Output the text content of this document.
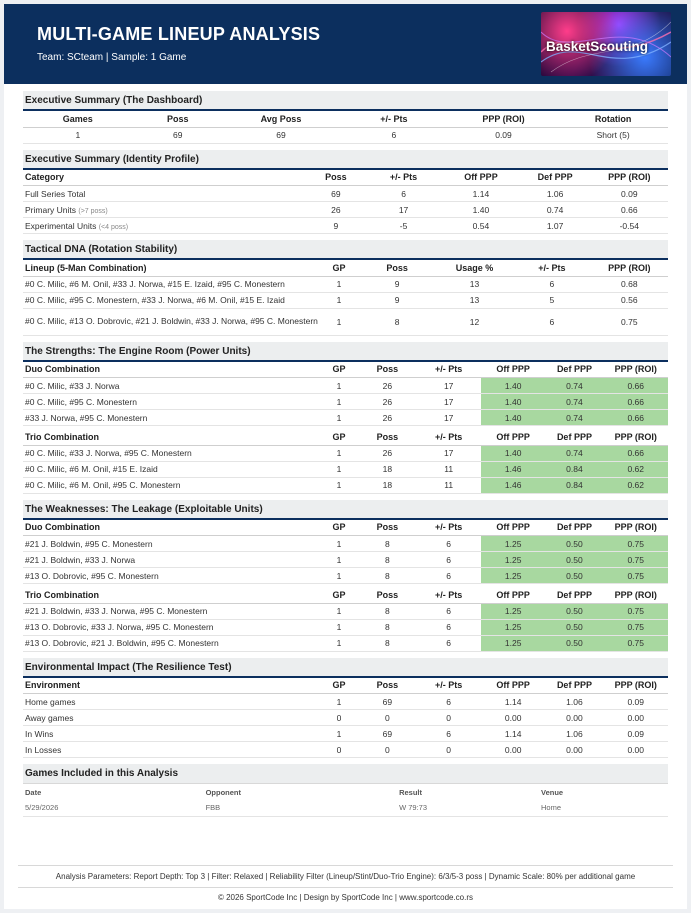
MULTI-GAME LINEUP ANALYSIS
Team: SCteam | Sample: 1 Game
BasketScouting
Executive Summary (The Dashboard)
Games	Poss	Avg Poss	+/- Pts	PPP (ROI)	Rotation
1	69	69	6	0.09	Short (5)
Executive Summary (Identity Profile)
Category	Poss	+/- Pts	Off PPP	Def PPP	PPP (ROI)
Full Series Total	69	6	1.14	1.06	0.09
Primary Units (>7 poss)	26	17	1.40	0.74	0.66
Experimental Units (<4 poss)	9	-5	0.54	1.07	-0.54
Tactical DNA (Rotation Stability)
Lineup (5-Man Combination)	GP	Poss	Usage %	+/- Pts	PPP (ROI)
#0 C. Milic, #6 M. Onil, #33 J. Norwa, #15 E. Izaid, #95 C. Monestern	1	9	13	6	0.68
#0 C. Milic, #95 C. Monestern, #33 J. Norwa, #6 M. Onil, #15 E. Izaid	1	9	13	5	0.56
#0 C. Milic, #13 O. Dobrovic, #21 J. Boldwin, #33 J. Norwa, #95 C. Monestern	1	8	12	6	0.75
The Strengths: The Engine Room (Power Units)
Duo Combination	GP	Poss	+/- Pts	Off PPP	Def PPP	PPP (ROI)
#0 C. Milic, #33 J. Norwa	1	26	17	1.40	0.74	0.66
#0 C. Milic, #95 C. Monestern	1	26	17	1.40	0.74	0.66
#33 J. Norwa, #95 C. Monestern	1	26	17	1.40	0.74	0.66
Trio Combination	GP	Poss	+/- Pts	Off PPP	Def PPP	PPP (ROI)
#0 C. Milic, #33 J. Norwa, #95 C. Monestern	1	26	17	1.40	0.74	0.66
#0 C. Milic, #6 M. Onil, #15 E. Izaid	1	18	11	1.46	0.84	0.62
#0 C. Milic, #6 M. Onil, #95 C. Monestern	1	18	11	1.46	0.84	0.62
The Weaknesses: The Leakage (Exploitable Units)
Duo Combination	GP	Poss	+/- Pts	Off PPP	Def PPP	PPP (ROI)
#21 J. Boldwin, #95 C. Monestern	1	8	6	1.25	0.50	0.75
#21 J. Boldwin, #33 J. Norwa	1	8	6	1.25	0.50	0.75
#13 O. Dobrovic, #95 C. Monestern	1	8	6	1.25	0.50	0.75
Trio Combination	GP	Poss	+/- Pts	Off PPP	Def PPP	PPP (ROI)
#21 J. Boldwin, #33 J. Norwa, #95 C. Monestern	1	8	6	1.25	0.50	0.75
#13 O. Dobrovic, #33 J. Norwa, #95 C. Monestern	1	8	6	1.25	0.50	0.75
#13 O. Dobrovic, #21 J. Boldwin, #95 C. Monestern	1	8	6	1.25	0.50	0.75
Environmental Impact (The Resilience Test)
Environment	GP	Poss	+/- Pts	Off PPP	Def PPP	PPP (ROI)
Home games	1	69	6	1.14	1.06	0.09
Away games	0	0	0	0.00	0.00	0.00
In Wins	1	69	6	1.14	1.06	0.09
In Losses	0	0	0	0.00	0.00	0.00
Games Included in this Analysis
Date	Opponent	Result	Venue
5/29/2026	FBB	W 79:73	Home
Analysis Parameters: Report Depth: Top 3 | Filter: Relaxed | Reliability Filter (Lineup/Stint/Duo-Trio Engine): 6/3/5-3 poss | Dynamic Scale: 80% per additional game
© 2026 SportCode Inc | Design by SportCode Inc | www.sportcode.co.rs
